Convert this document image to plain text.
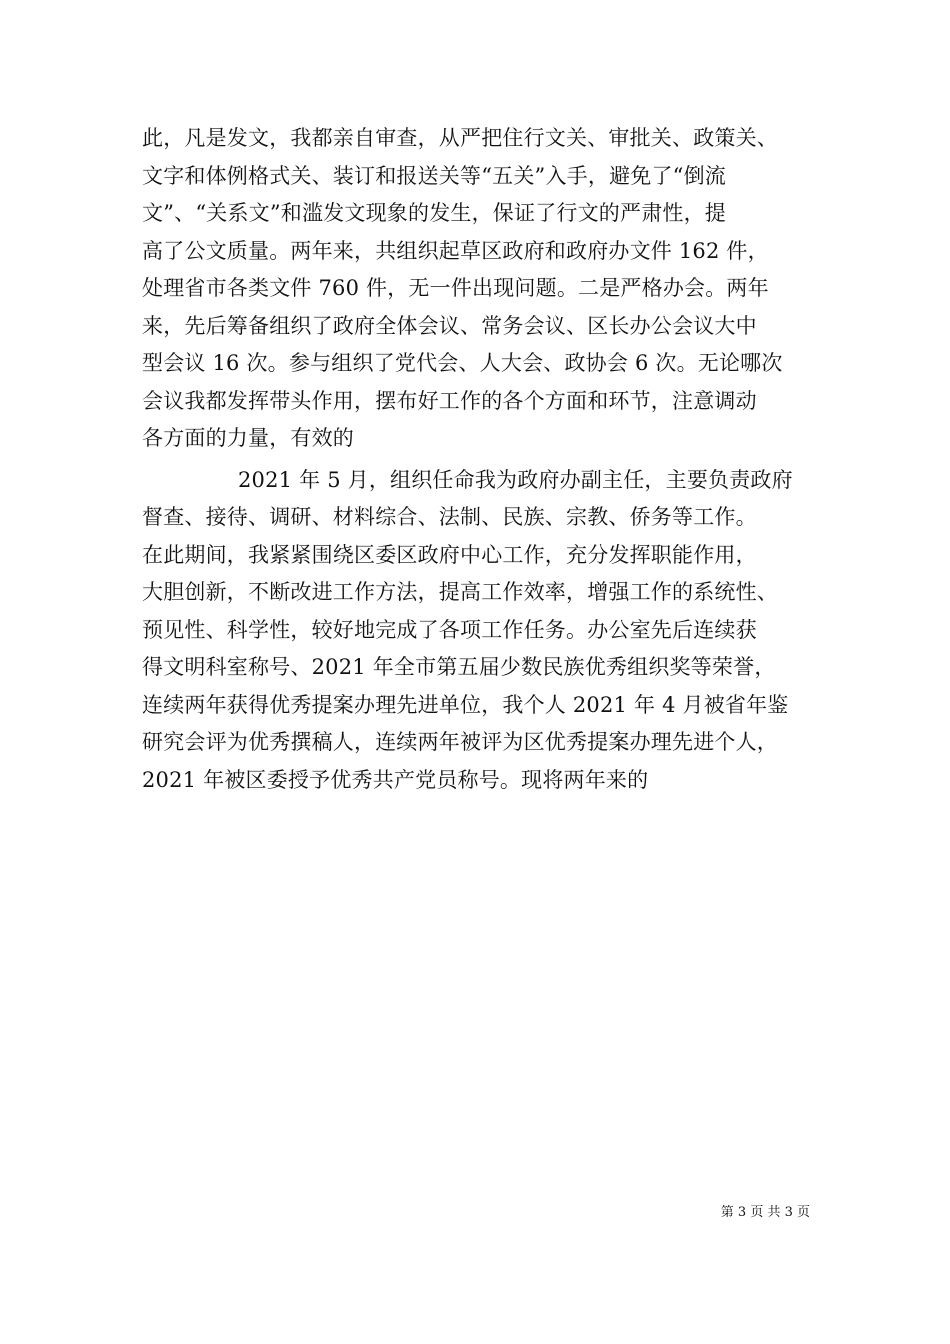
此，凡是发文，我都亲自审查，从严把住行文关、审批关、政策关、
文字和体例格式关、装订和报送关等“五关”入手，避免了“倒流
文”、“关系文”和滥发文现象的发生，保证了行文的严肃性，提
高了公文质量。两年来，共组织起草区政府和政府办文件 162 件，
处理省市各类文件 760 件，无一件出现问题。二是严格办会。两年
来，先后筹备组织了政府全体会议、常务会议、区长办公会议大中
型会议 16 次。参与组织了党代会、人大会、政协会 6 次。无论哪次
会议我都发挥带头作用，摆布好工作的各个方面和环节，注意调动
各方面的力量，有效的
2021 年 5 月，组织任命我为政府办副主任，主要负责政府
督查、接待、调研、材料综合、法制、民族、宗教、侨务等工作。
在此期间，我紧紧围绕区委区政府中心工作，充分发挥职能作用，
大胆创新，不断改进工作方法，提高工作效率，增强工作的系统性、
预见性、科学性，较好地完成了各项工作任务。办公室先后连续获
得文明科室称号、2021 年全市第五届少数民族优秀组织奖等荣誉，
连续两年获得优秀提案办理先进单位，我个人 2021 年 4 月被省年鉴
研究会评为优秀撰稿人，连续两年被评为区优秀提案办理先进个人，
2021 年被区委授予优秀共产党员称号。现将两年来的
第 3 页 共 3 页
